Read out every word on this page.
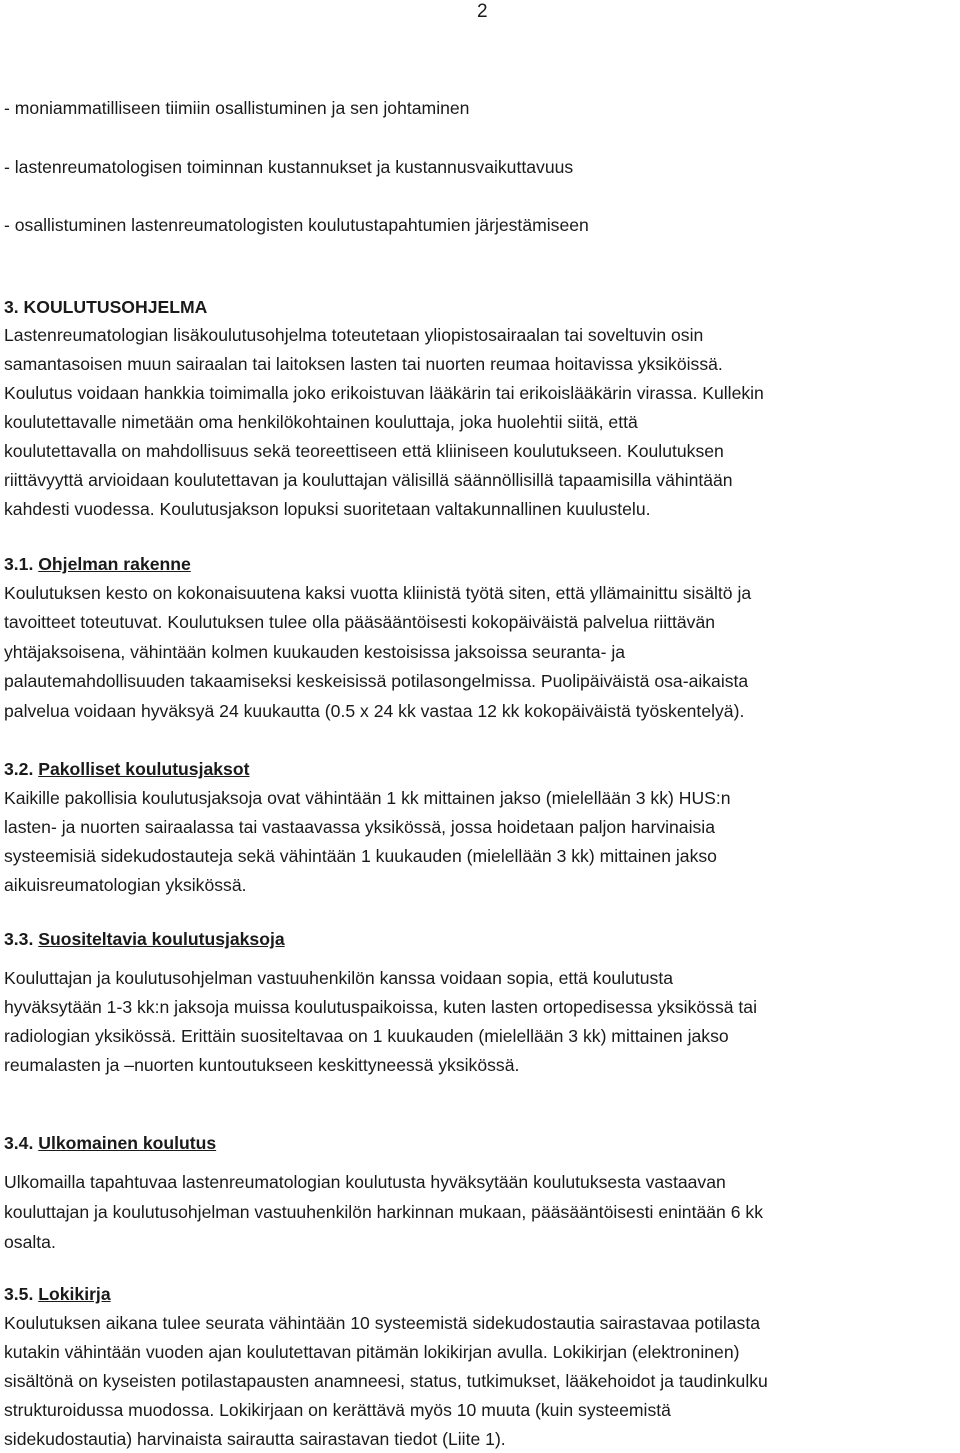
2
- moniammatilliseen tiimiin osallistuminen ja sen johtaminen
- lastenreumatologisen toiminnan kustannukset ja kustannusvaikuttavuus
- osallistuminen lastenreumatologisten koulutustapahtumien järjestämiseen
3. KOULUTUSOHJELMA
Lastenreumatologian lisäkoulutusohjelma toteutetaan yliopistosairaalan tai soveltuvin osin
samantasoisen muun sairaalan tai laitoksen lasten tai nuorten reumaa hoitavissa yksiköissä.
Koulutus voidaan hankkia toimimalla joko erikoistuvan lääkärin tai erikoislääkärin virassa. Kullekin
koulutettavalle nimetään oma henkilökohtainen kouluttaja, joka huolehtii siitä, että
koulutettavalla on mahdollisuus sekä teoreettiseen että kliiniseen koulutukseen. Koulutuksen
riittävyyttä arvioidaan koulutettavan ja kouluttajan välisillä säännöllisillä tapaamisilla vähintään
kahdesti vuodessa. Koulutusjakson lopuksi suoritetaan valtakunnallinen kuulustelu.
3.1. Ohjelman rakenne
Koulutuksen kesto on kokonaisuutena kaksi vuotta kliinistä työtä siten, että yllämainittu sisältö ja
tavoitteet toteutuvat. Koulutuksen tulee olla pääsääntöisesti kokopäiväistä palvelua riittävän
yhtäjaksoisena, vähintään kolmen kuukauden kestoisissa jaksoissa seuranta- ja
palautemahdollisuuden takaamiseksi keskeisissä potilasongelmissa. Puolipäiväistä osa-aikaista
palvelua voidaan hyväksyä 24 kuukautta (0.5 x 24 kk vastaa 12 kk kokopäiväistä työskentelyä).
3.2. Pakolliset koulutusjaksot
Kaikille pakollisia koulutusjaksoja ovat vähintään 1 kk mittainen jakso (mielellään 3 kk) HUS:n
lasten- ja nuorten sairaalassa tai vastaavassa yksikössä, jossa hoidetaan paljon harvinaisia
systeemisiä sidekudostauteja sekä vähintään 1 kuukauden (mielellään 3 kk) mittainen jakso
aikuisreumatologian yksikössä.
3.3. Suositeltavia koulutusjaksoja
Kouluttajan ja koulutusohjelman vastuuhenkilön kanssa voidaan sopia, että koulutusta
hyväksytään 1-3 kk:n jaksoja muissa koulutuspaikoissa, kuten lasten ortopedisessa yksikössä tai
radiologian yksikössä. Erittäin suositeltavaa on 1 kuukauden (mielellään 3 kk) mittainen jakso
reumalasten ja –nuorten kuntoutukseen keskittyneessä yksikössä.
3.4. Ulkomainen koulutus
Ulkomailla tapahtuvaa lastenreumatologian koulutusta hyväksytään koulutuksesta vastaavan
kouluttajan ja koulutusohjelman vastuuhenkilön harkinnan mukaan, pääsääntöisesti enintään 6 kk
osalta.
3.5. Lokikirja
Koulutuksen aikana tulee seurata vähintään 10 systeemistä sidekudostautia sairastavaa potilasta
kutakin vähintään vuoden ajan koulutettavan pitämän lokikirjan avulla. Lokikirjan (elektroninen)
sisältönä on kyseisten potilastapausten anamneesi, status, tutkimukset, lääkehoidot ja taudinkulku
strukturoidussa muodossa. Lokikirjaan on kerättävä myös 10 muuta (kuin systeemistä
sidekudostautia) harvinaista sairautta sairastavan tiedot (Liite 1).
